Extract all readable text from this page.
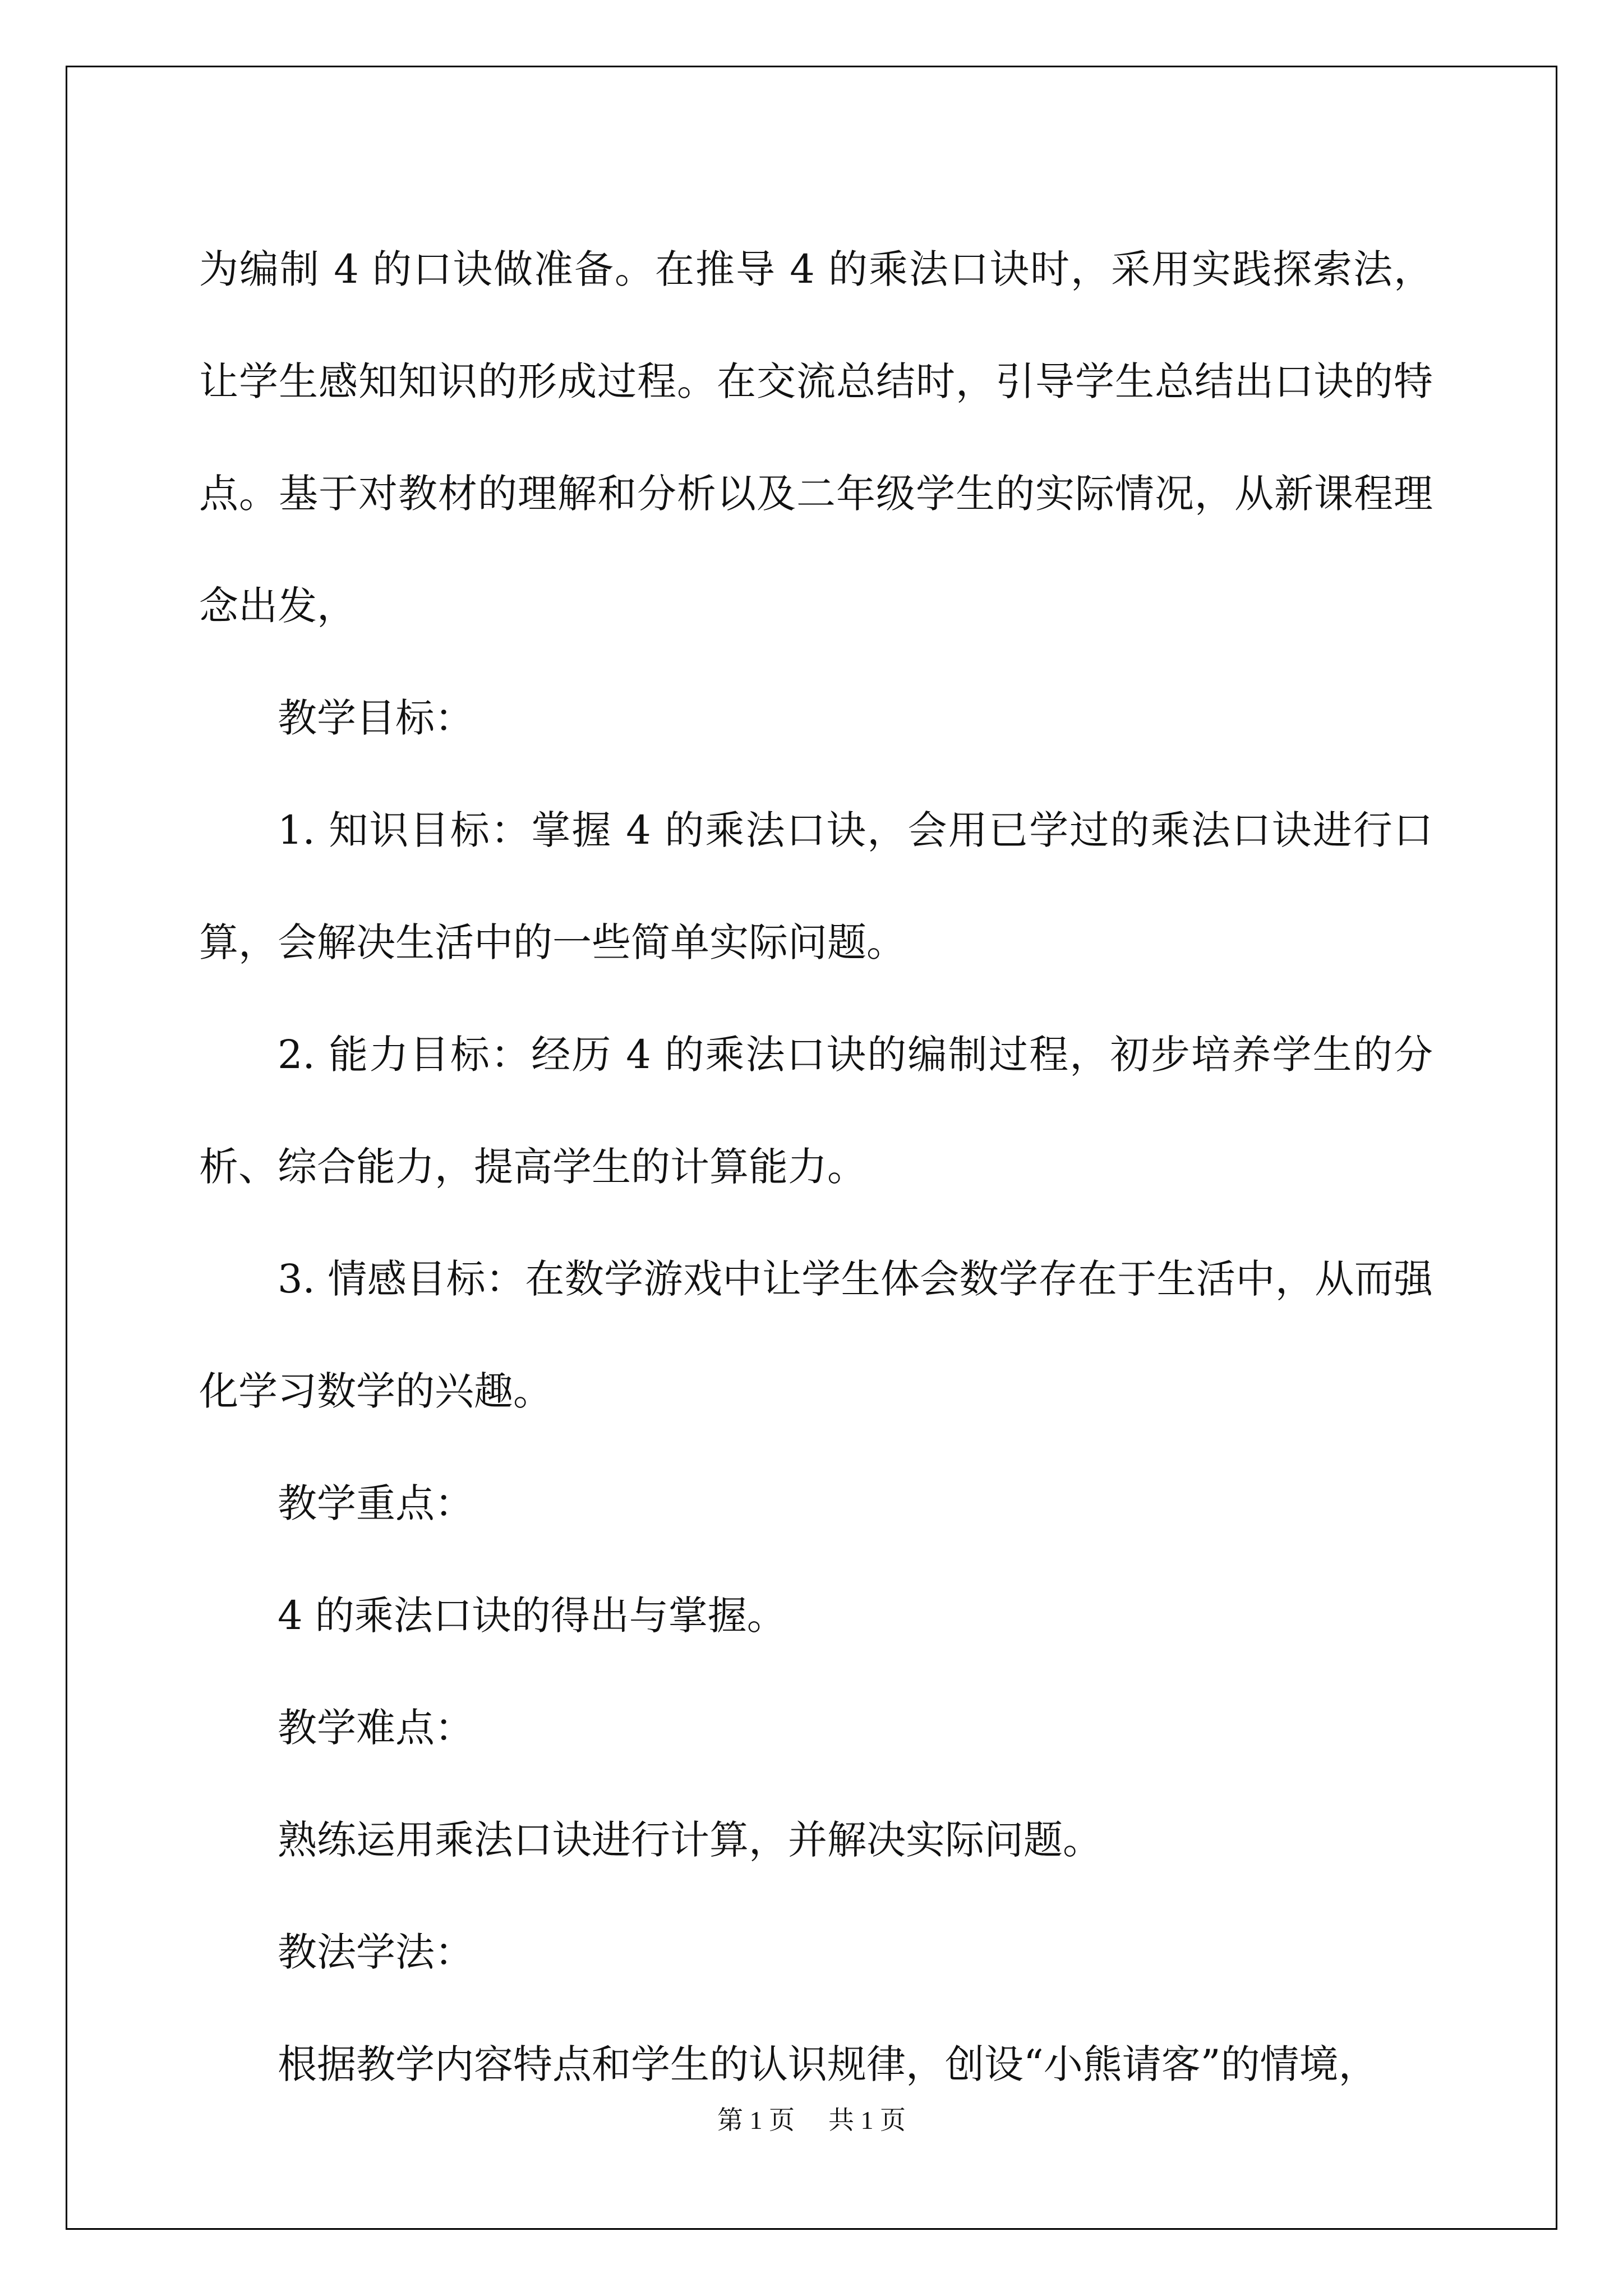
为编制 4 的口诀做准备。在推导 4 的乘法口诀时，采用实践探索法，让学生感知知识的形成过程。在交流总结时，引导学生总结出口诀的特点。基于对教材的理解和分析以及二年级学生的实际情况，从新课程理念出发，

教学目标：

1. 知识目标：掌握 4 的乘法口诀，会用已学过的乘法口诀进行口算，会解决生活中的一些简单实际问题。

2. 能力目标：经历 4 的乘法口诀的编制过程，初步培养学生的分析、综合能力，提高学生的计算能力。

3. 情感目标：在数学游戏中让学生体会数学存在于生活中，从而强化学习数学的兴趣。

教学重点：

4 的乘法口诀的得出与掌握。

教学难点：

熟练运用乘法口诀进行计算，并解决实际问题。

教法学法：

根据教学内容特点和学生的认识规律，创设“小熊请客”的情境，

第 1 页 共 1 页
